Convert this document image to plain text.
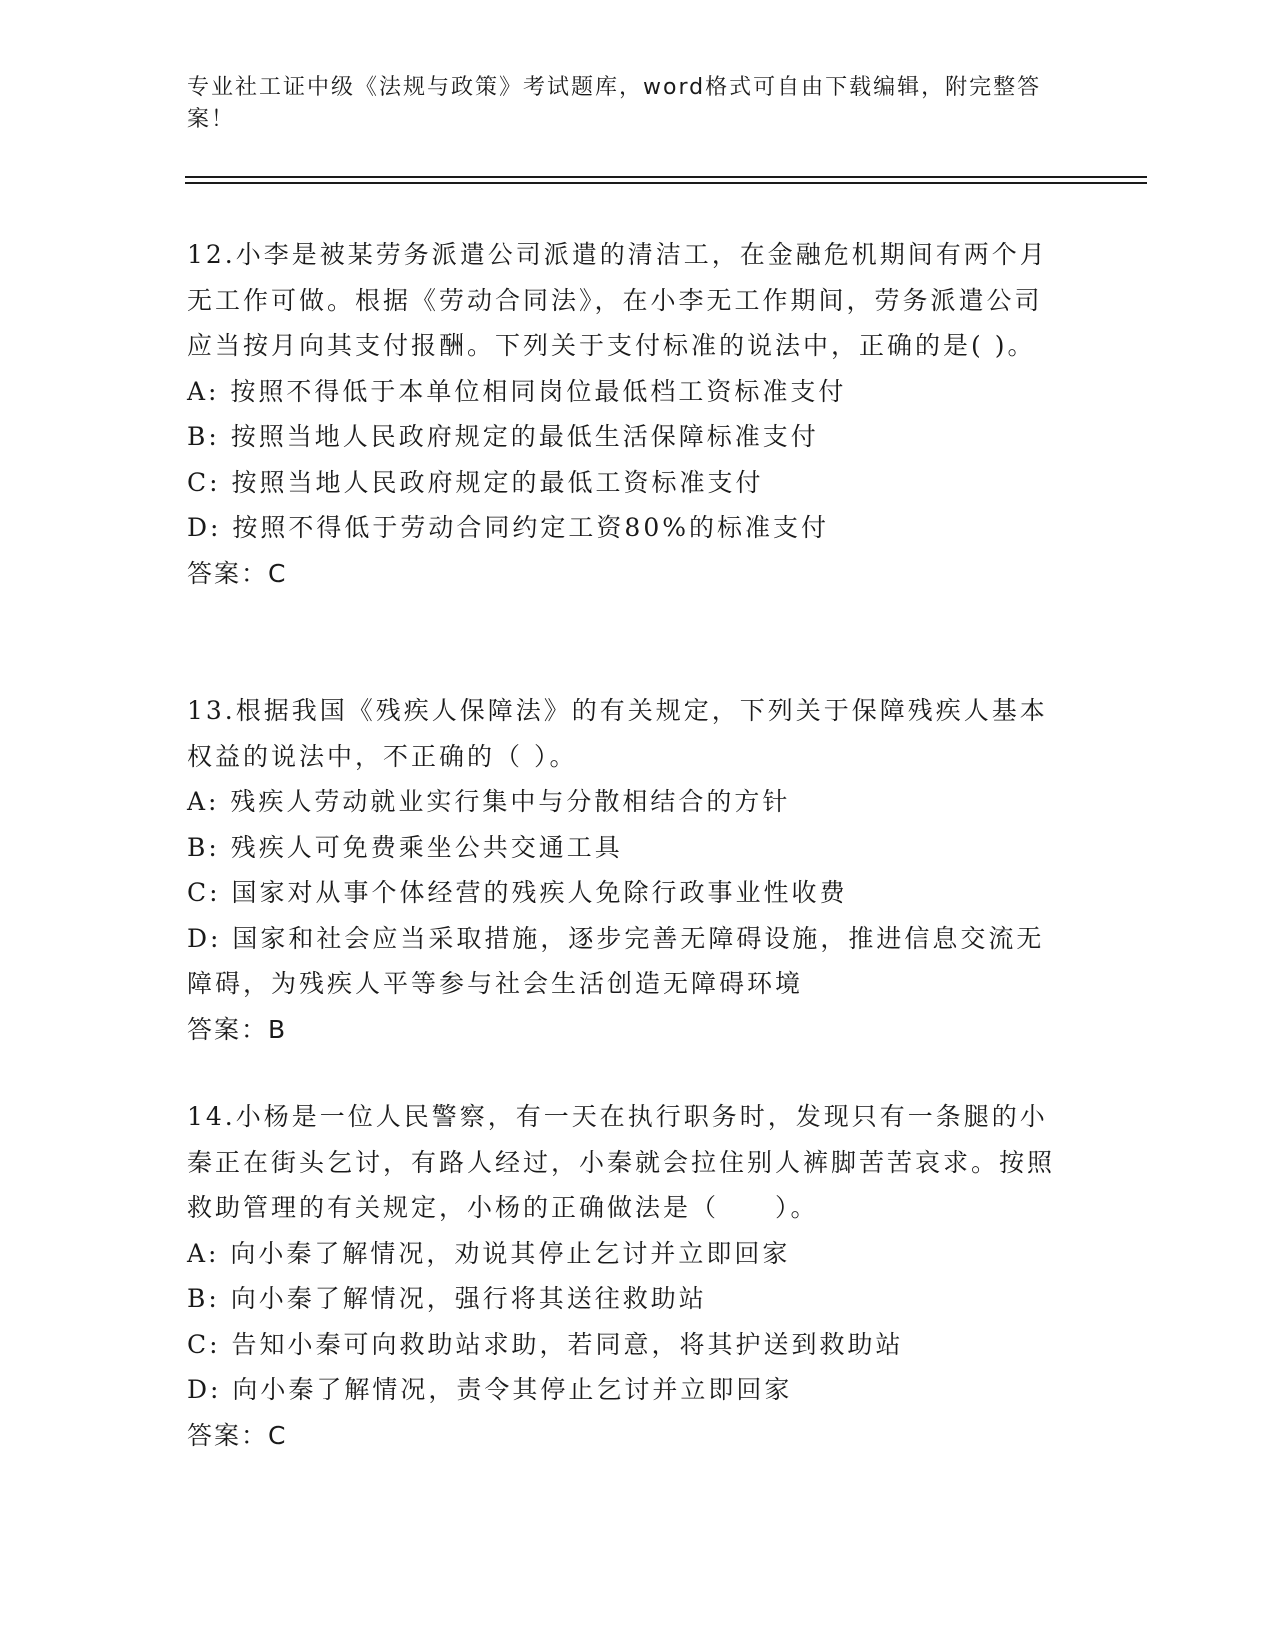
专业社工证中级《法规与政策》考试题库，word格式可自由下载编辑，附完整答案！
12.小李是被某劳务派遣公司派遣的清洁工，在金融危机期间有两个月无工作可做。根据《劳动合同法》，在小李无工作期间，劳务派遣公司应当按月向其支付报酬。下列关于支付标准的说法中，正确的是( )。
A: 按照不得低于本单位相同岗位最低档工资标准支付
B: 按照当地人民政府规定的最低生活保障标准支付
C: 按照当地人民政府规定的最低工资标准支付
D: 按照不得低于劳动合同约定工资80%的标准支付
答案：C
13.根据我国《残疾人保障法》的有关规定，下列关于保障残疾人基本权益的说法中，不正确的（ ）。
A: 残疾人劳动就业实行集中与分散相结合的方针
B: 残疾人可免费乘坐公共交通工具
C: 国家对从事个体经营的残疾人免除行政事业性收费
D: 国家和社会应当采取措施，逐步完善无障碍设施，推进信息交流无障碍，为残疾人平等参与社会生活创造无障碍环境
答案：B
14.小杨是一位人民警察，有一天在执行职务时，发现只有一条腿的小秦正在街头乞讨，有路人经过，小秦就会拉住别人裤脚苦苦哀求。按照救助管理的有关规定，小杨的正确做法是（　　）。
A: 向小秦了解情况，劝说其停止乞讨并立即回家
B: 向小秦了解情况，强行将其送往救助站
C: 告知小秦可向救助站求助，若同意，将其护送到救助站
D: 向小秦了解情况，责令其停止乞讨并立即回家
答案：C
